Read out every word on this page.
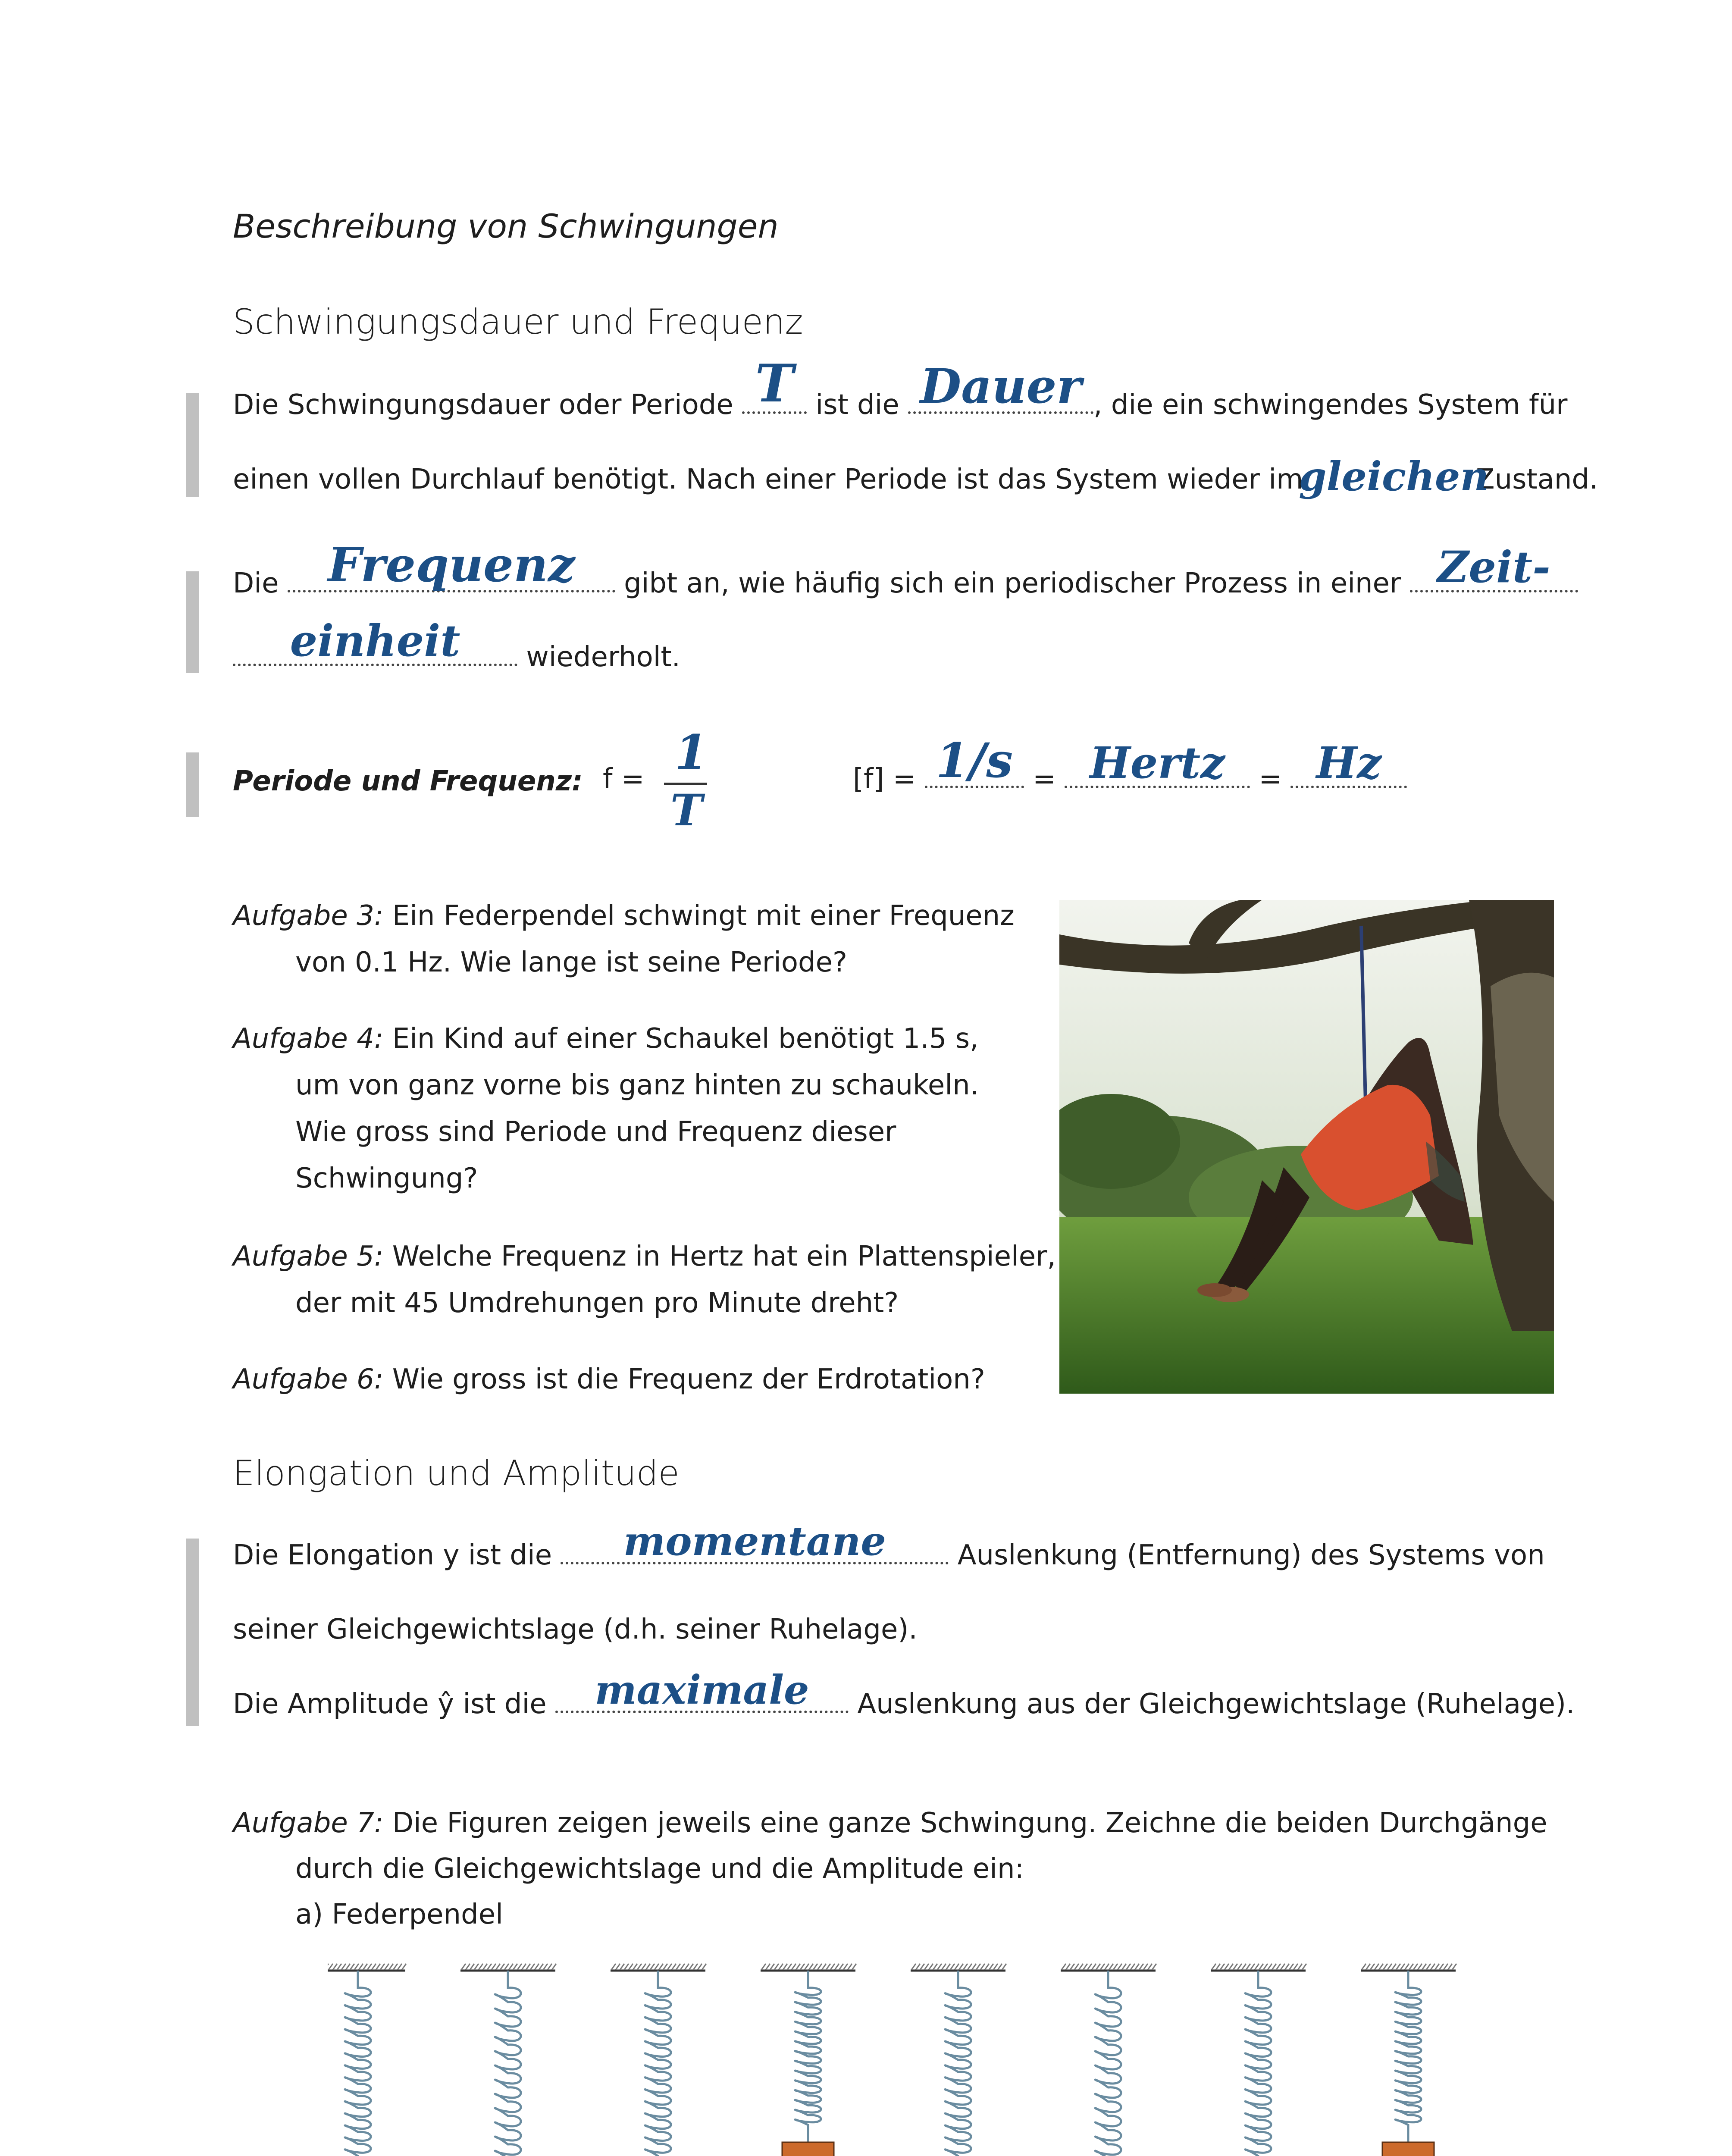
Beschreibung von Schwingungen
Schwingungsdauer und Frequenz
Die Schwingungsdauer oder Periode T ist die Dauer , die ein schwingendes System für
einen vollen Durchlauf benötigt. Nach einer Periode ist das System wieder im
gleichen
Zustand.
Die Frequenz gibt an, wie häufig sich ein periodischer Prozess in einer Zeit-
einheit wiederholt.
Periode und Frequenz: f = 1
T
[f] = 1/s = Hertz = Hz
Aufgabe 3: Ein Federpendel schwingt mit einer Frequenz
von 0.1 Hz. Wie lange ist seine Periode?
Aufgabe 4: Ein Kind auf einer Schaukel benötigt 1.5 s,
um von ganz vorne bis ganz hinten zu schaukeln.
Wie gross sind Periode und Frequenz dieser
Schwingung?
Aufgabe 5: Welche Frequenz in Hertz hat ein Plattenspieler,
der mit 45 Umdrehungen pro Minute dreht?
Aufgabe 6: Wie gross ist die Frequenz der Erdrotation?
Elongation und Amplitude
Die Elongation y ist die momentane Auslenkung (Entfernung) des Systems von
seiner Gleichgewichtslage (d.h. seiner Ruhelage).
Die Amplitude ŷ ist die maximale Auslenkung aus der Gleichgewichtslage (Ruhelage).
Aufgabe 7: Die Figuren zeigen jeweils eine ganze Schwingung. Zeichne die beiden Durchgänge
durch die Gleichgewichtslage und die Amplitude ein:
a) Federpendel
